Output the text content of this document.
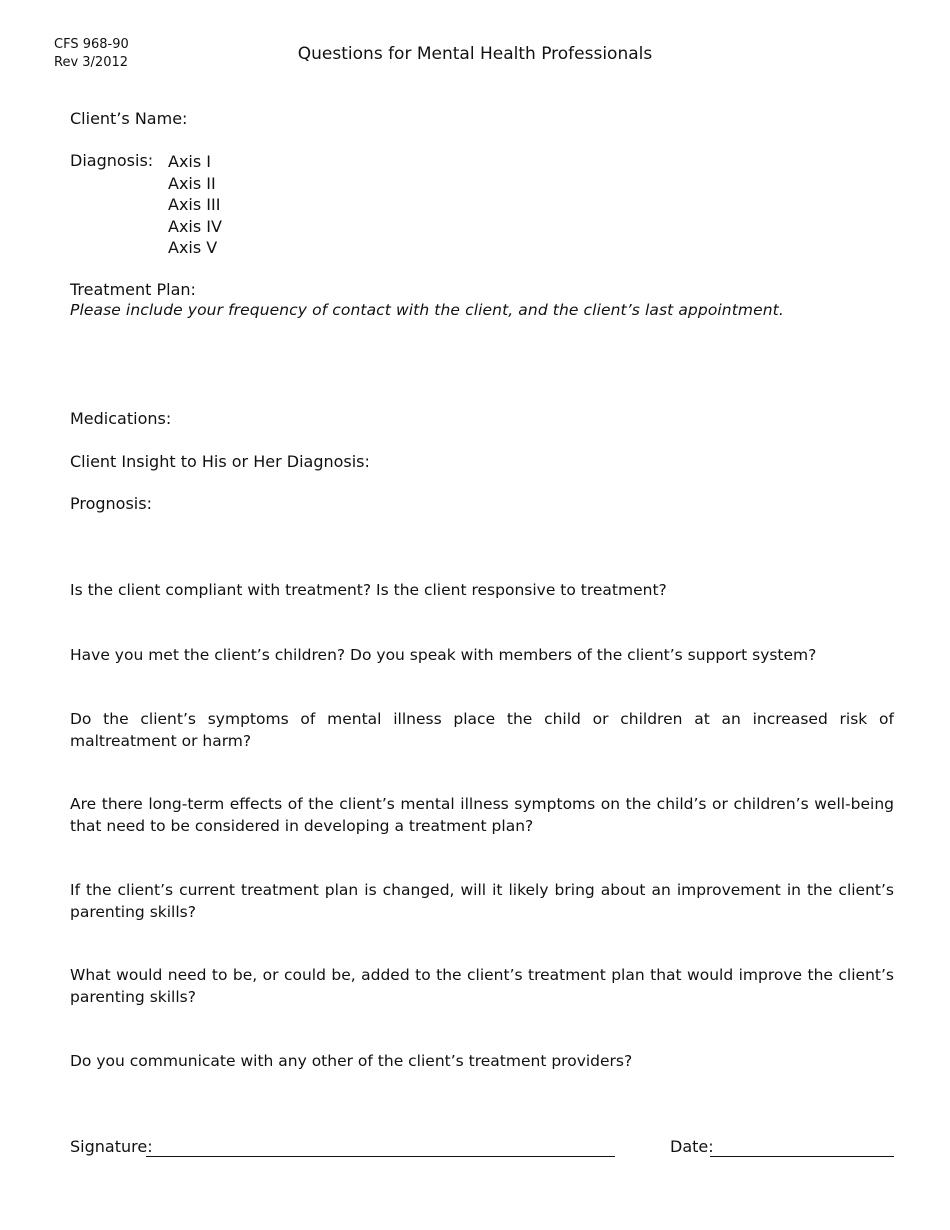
CFS 968-90
Rev 3/2012	Questions for Mental Health Professionals
Client’s Name:
Diagnosis: Axis I
Axis II
Axis III
Axis IV
Axis V
Treatment Plan:
Please include your frequency of contact with the client, and the client’s last appointment.
Medications:
Client Insight to His or Her Diagnosis:
Prognosis:
Is the client compliant with treatment? Is the client responsive to treatment?
Have you met the client’s children? Do you speak with members of the client’s support system?
Do the client’s symptoms of mental illness place the child or children at an increased risk of maltreatment or harm?
Are there long-term effects of the client’s mental illness symptoms on the child’s or children’s well-being that need to be considered in developing a treatment plan?
If the client’s current treatment plan is changed, will it likely bring about an improvement in the client’s parenting skills?
What would need to be, or could be, added to the client’s treatment plan that would improve the client’s parenting skills?
Do you communicate with any other of the client’s treatment providers?
Signature:	Date:
